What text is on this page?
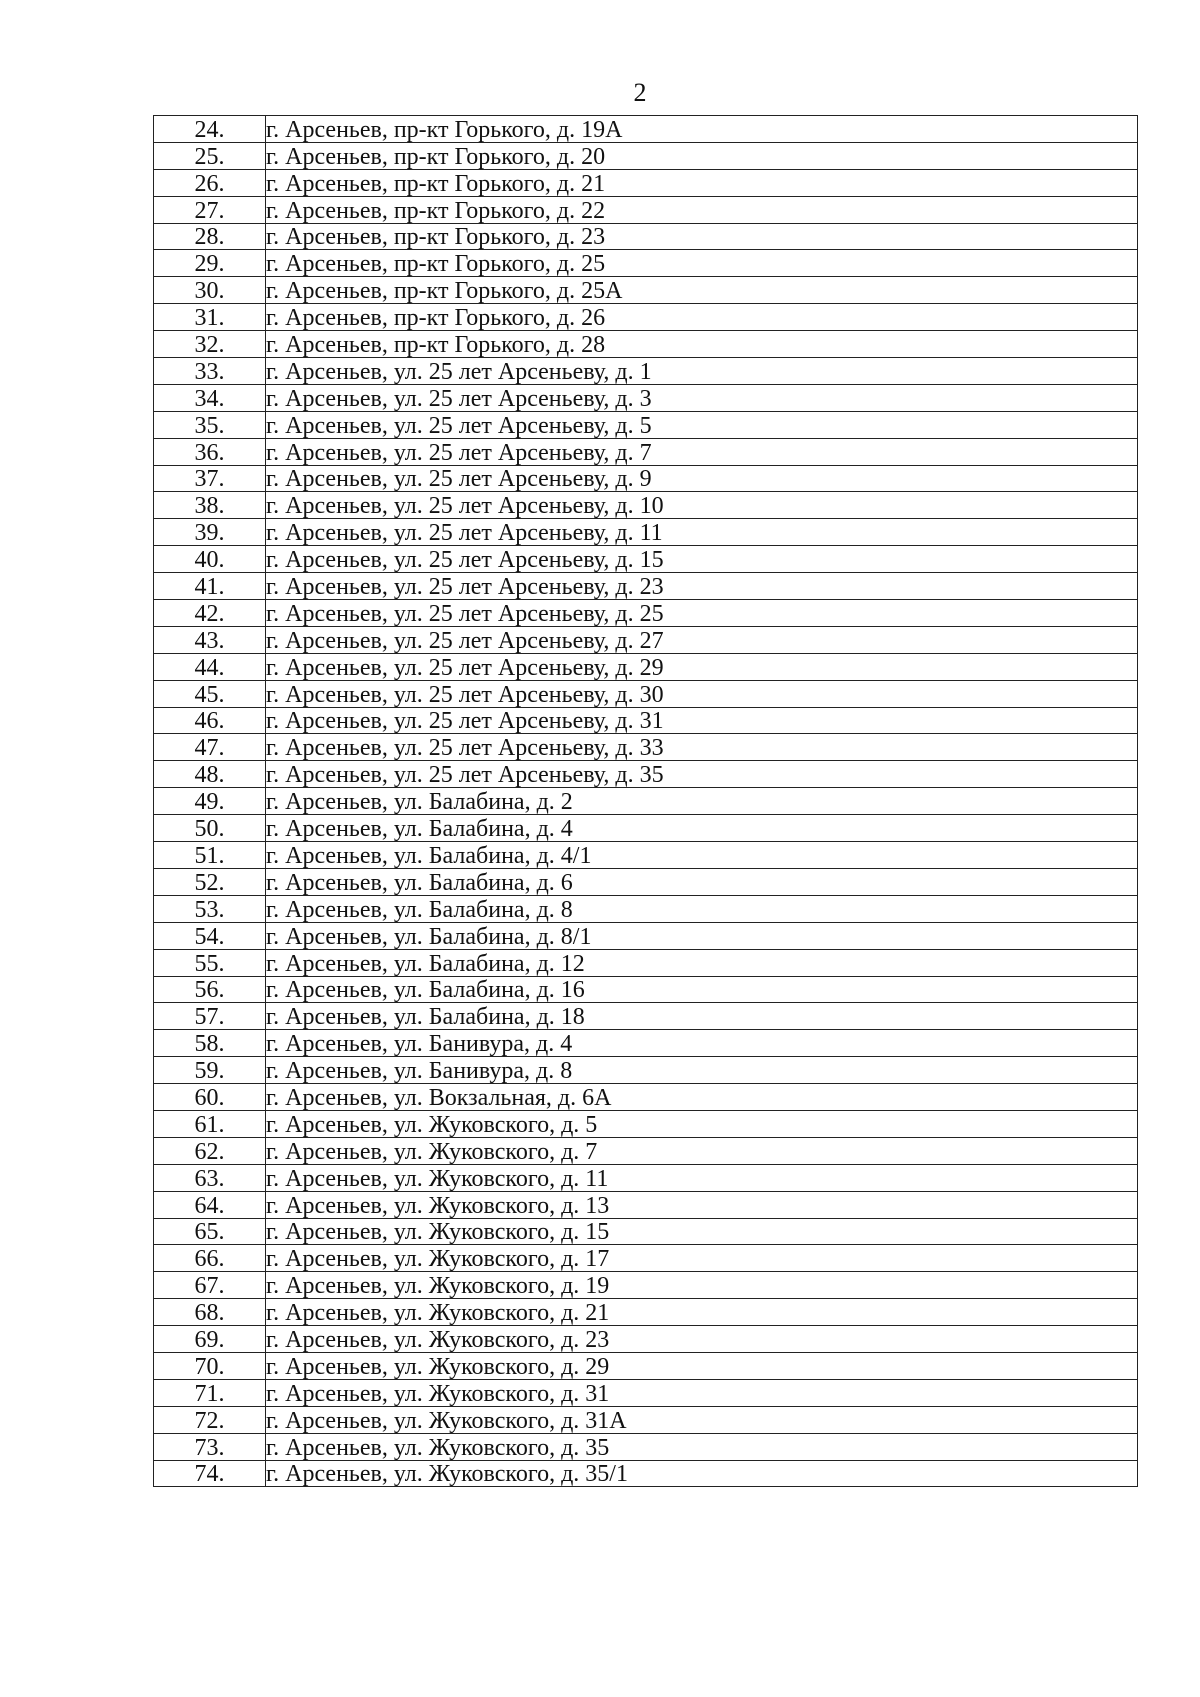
2
24.	г. Арсеньев, пр-кт Горького, д. 19А
25.	г. Арсеньев, пр-кт Горького, д. 20
26.	г. Арсеньев, пр-кт Горького, д. 21
27.	г. Арсеньев, пр-кт Горького, д. 22
28.	г. Арсеньев, пр-кт Горького, д. 23
29.	г. Арсеньев, пр-кт Горького, д. 25
30.	г. Арсеньев, пр-кт Горького, д. 25А
31.	г. Арсеньев, пр-кт Горького, д. 26
32.	г. Арсеньев, пр-кт Горького, д. 28
33.	г. Арсеньев, ул. 25 лет Арсеньеву, д. 1
34.	г. Арсеньев, ул. 25 лет Арсеньеву, д. 3
35.	г. Арсеньев, ул. 25 лет Арсеньеву, д. 5
36.	г. Арсеньев, ул. 25 лет Арсеньеву, д. 7
37.	г. Арсеньев, ул. 25 лет Арсеньеву, д. 9
38.	г. Арсеньев, ул. 25 лет Арсеньеву, д. 10
39.	г. Арсеньев, ул. 25 лет Арсеньеву, д. 11
40.	г. Арсеньев, ул. 25 лет Арсеньеву, д. 15
41.	г. Арсеньев, ул. 25 лет Арсеньеву, д. 23
42.	г. Арсеньев, ул. 25 лет Арсеньеву, д. 25
43.	г. Арсеньев, ул. 25 лет Арсеньеву, д. 27
44.	г. Арсеньев, ул. 25 лет Арсеньеву, д. 29
45.	г. Арсеньев, ул. 25 лет Арсеньеву, д. 30
46.	г. Арсеньев, ул. 25 лет Арсеньеву, д. 31
47.	г. Арсеньев, ул. 25 лет Арсеньеву, д. 33
48.	г. Арсеньев, ул. 25 лет Арсеньеву, д. 35
49.	г. Арсеньев, ул. Балабина, д. 2
50.	г. Арсеньев, ул. Балабина, д. 4
51.	г. Арсеньев, ул. Балабина, д. 4/1
52.	г. Арсеньев, ул. Балабина, д. 6
53.	г. Арсеньев, ул. Балабина, д. 8
54.	г. Арсеньев, ул. Балабина, д. 8/1
55.	г. Арсеньев, ул. Балабина, д. 12
56.	г. Арсеньев, ул. Балабина, д. 16
57.	г. Арсеньев, ул. Балабина, д. 18
58.	г. Арсеньев, ул. Банивура, д. 4
59.	г. Арсеньев, ул. Банивура, д. 8
60.	г. Арсеньев, ул. Вокзальная, д. 6А
61.	г. Арсеньев, ул. Жуковского, д. 5
62.	г. Арсеньев, ул. Жуковского, д. 7
63.	г. Арсеньев, ул. Жуковского, д. 11
64.	г. Арсеньев, ул. Жуковского, д. 13
65.	г. Арсеньев, ул. Жуковского, д. 15
66.	г. Арсеньев, ул. Жуковского, д. 17
67.	г. Арсеньев, ул. Жуковского, д. 19
68.	г. Арсеньев, ул. Жуковского, д. 21
69.	г. Арсеньев, ул. Жуковского, д. 23
70.	г. Арсеньев, ул. Жуковского, д. 29
71.	г. Арсеньев, ул. Жуковского, д. 31
72.	г. Арсеньев, ул. Жуковского, д. 31А
73.	г. Арсеньев, ул. Жуковского, д. 35
74.	г. Арсеньев, ул. Жуковского, д. 35/1
